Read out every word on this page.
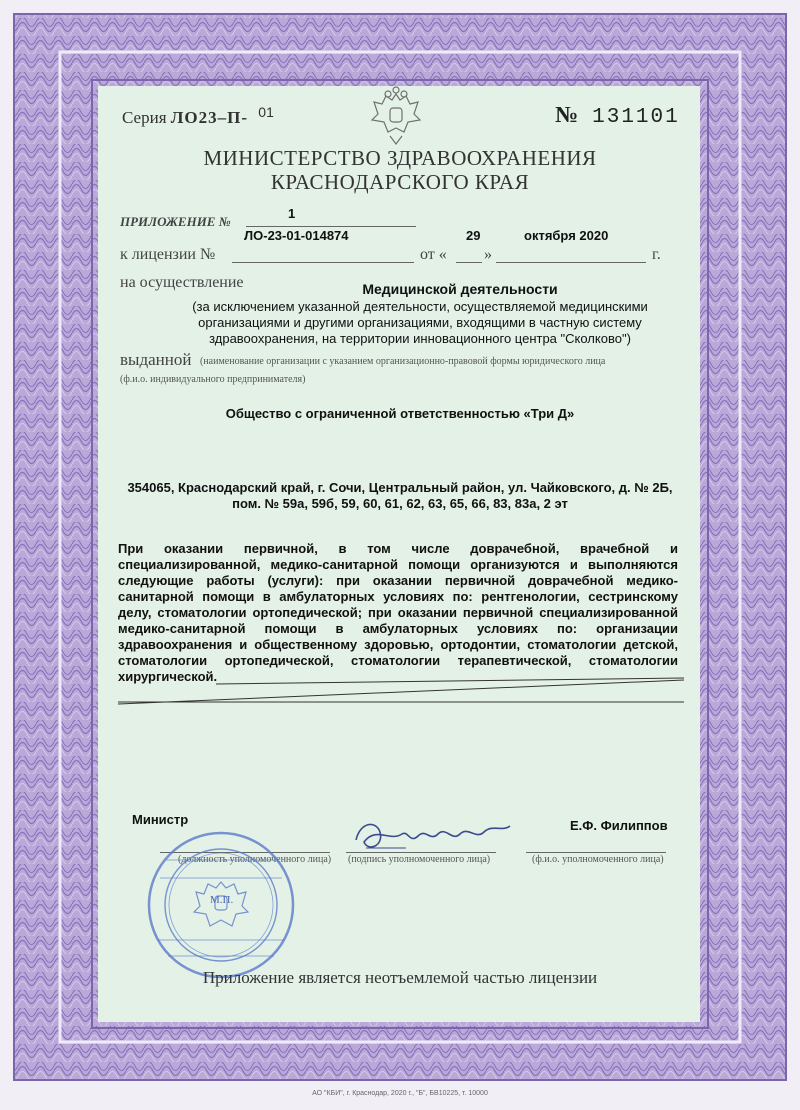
Серия ЛО23–П- $^{01}$	№ 131101
МИНИСТЕРСТВО ЗДРАВООХРАНЕНИЯ
КРАСНОДАРСКОГО КРАЯ
ПРИЛОЖЕНИЕ №
1
ЛО-23-01-014874	29	октября 2020
к лицензии №	от « »	г.
на осуществление	Медицинской деятельности
(за исключением указанной деятельности, осуществляемой медицинскими
организациями и другими организациями, входящими в частную систему
здравоохранения, на территории инновационного центра "Сколково")
выданной (наименование организации с указанием организационно-правовой формы юридического лица
(ф.и.о. индивидуального предпринимателя)
Общество с ограниченной ответственностью «Три Д»
354065, Краснодарский край, г. Сочи, Центральный район, ул. Чайковского, д. № 2Б,
пом. № 59а, 59б, 59, 60, 61, 62, 63, 65, 66, 83, 83а, 2 эт
При оказании первичной, в том числе доврачебной, врачебной и специализированной, медико-санитарной помощи организуются и выполняются следующие работы (услуги): при оказании первичной доврачебной медико-санитарной помощи в амбулаторных условиях по: рентгенологии, сестринскому делу, стоматологии ортопедической; при оказании первичной специализированной медико-санитарной помощи в амбулаторных условиях по: организации здравоохранения и общественному здоровью, ортодонтии, стоматологии детской, стоматологии ортопедической, стоматологии терапевтической, стоматологии хирургической.
Министр	Е.Ф. Филиппов
(должность уполномоченного лица) (подпись уполномоченного лица)	(ф.и.о. уполномоченного лица)
М.П.
Приложение является неотъемлемой частью лицензии
АО "КБИ", г. Краснодар, 2020 г., "Б", БВ10225, т. 10000
